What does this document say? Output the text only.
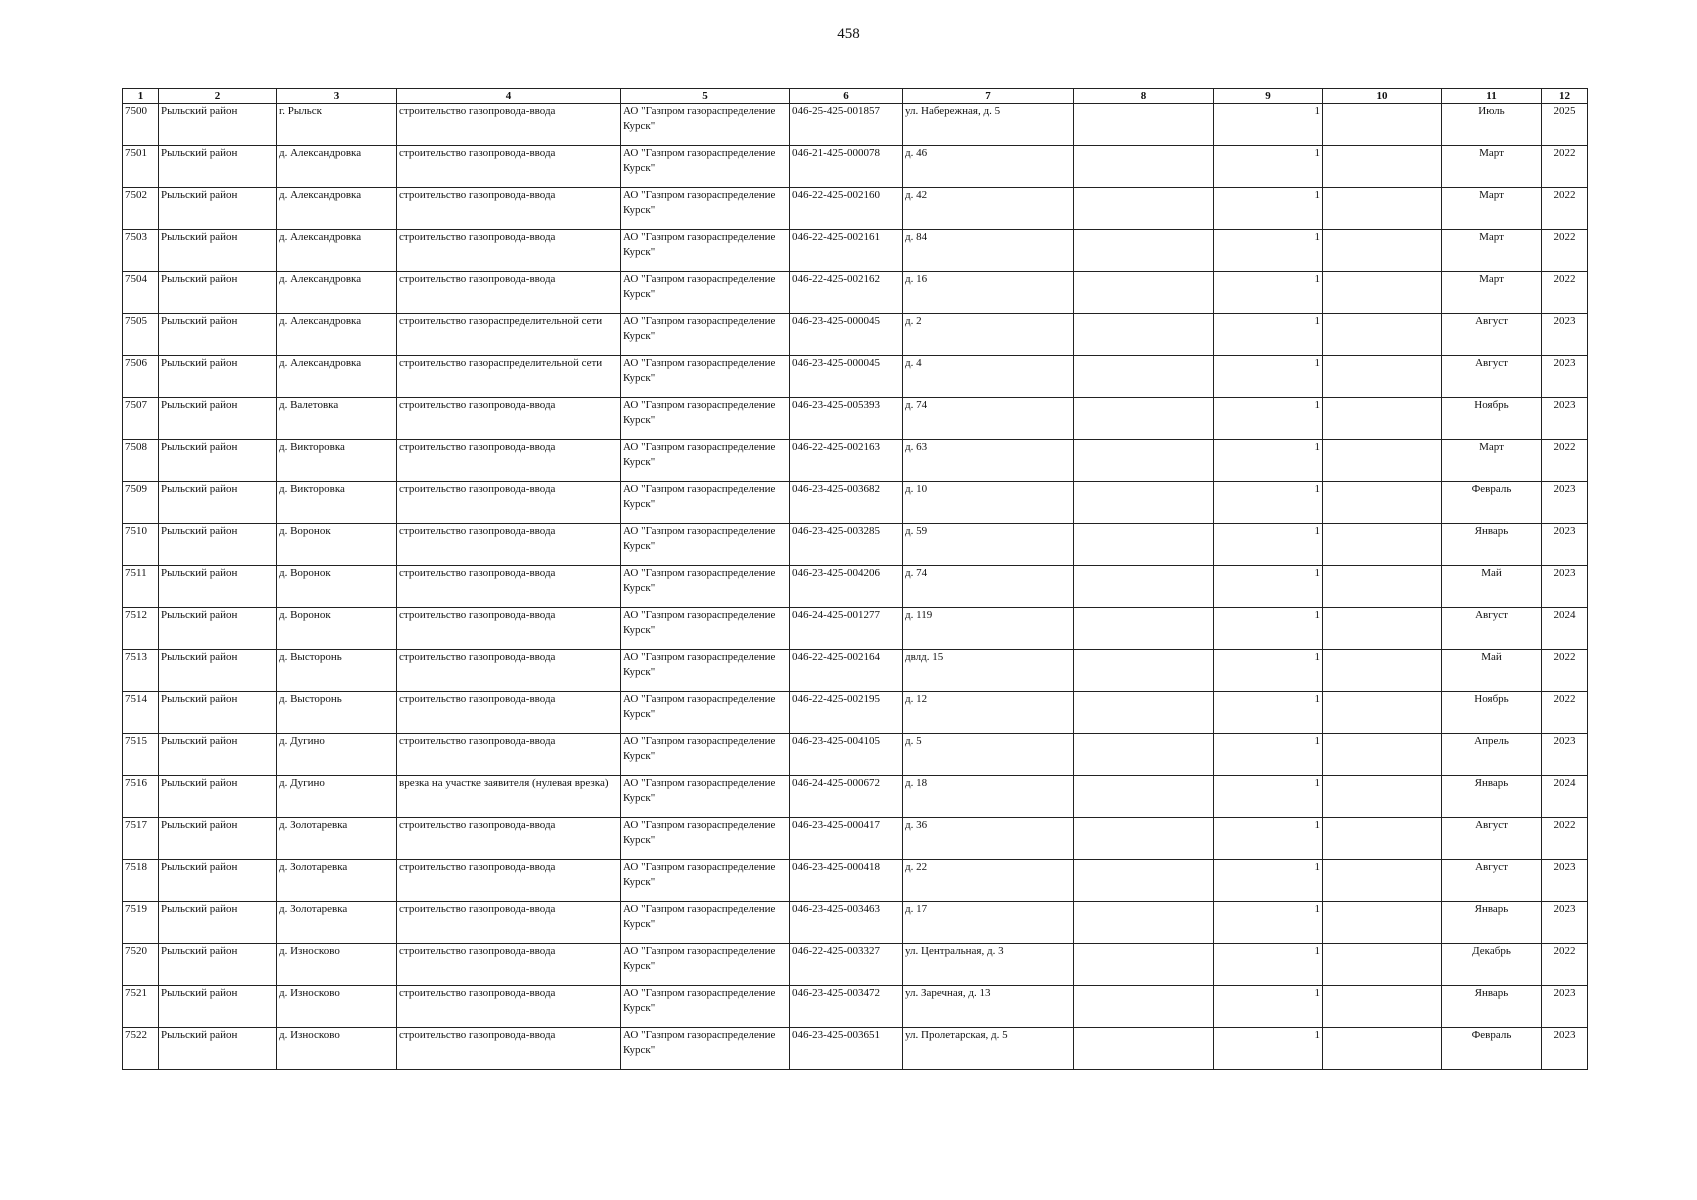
458
1	2	3	4	5	6	7	8	9	10	11	12
7500	Рыльский район	г. Рыльск	строительство газопровода-ввода	АО "Газпром газораспределение Курск"	046-25-425-001857	ул. Набережная, д. 5		1		Июль	2025
7501	Рыльский район	д. Александровка	строительство газопровода-ввода	АО "Газпром газораспределение Курск"	046-21-425-000078	д. 46		1		Март	2022
7502	Рыльский район	д. Александровка	строительство газопровода-ввода	АО "Газпром газораспределение Курск"	046-22-425-002160	д. 42		1		Март	2022
7503	Рыльский район	д. Александровка	строительство газопровода-ввода	АО "Газпром газораспределение Курск"	046-22-425-002161	д. 84		1		Март	2022
7504	Рыльский район	д. Александровка	строительство газопровода-ввода	АО "Газпром газораспределение Курск"	046-22-425-002162	д. 16		1		Март	2022
7505	Рыльский район	д. Александровка	строительство газораспределительной сети	АО "Газпром газораспределение Курск"	046-23-425-000045	д. 2		1		Август	2023
7506	Рыльский район	д. Александровка	строительство газораспределительной сети	АО "Газпром газораспределение Курск"	046-23-425-000045	д. 4		1		Август	2023
7507	Рыльский район	д. Валетовка	строительство газопровода-ввода	АО "Газпром газораспределение Курск"	046-23-425-005393	д. 74		1		Ноябрь	2023
7508	Рыльский район	д. Викторовка	строительство газопровода-ввода	АО "Газпром газораспределение Курск"	046-22-425-002163	д. 63		1		Март	2022
7509	Рыльский район	д. Викторовка	строительство газопровода-ввода	АО "Газпром газораспределение Курск"	046-23-425-003682	д. 10		1		Февраль	2023
7510	Рыльский район	д. Воронок	строительство газопровода-ввода	АО "Газпром газораспределение Курск"	046-23-425-003285	д. 59		1		Январь	2023
7511	Рыльский район	д. Воронок	строительство газопровода-ввода	АО "Газпром газораспределение Курск"	046-23-425-004206	д. 74		1		Май	2023
7512	Рыльский район	д. Воронок	строительство газопровода-ввода	АО "Газпром газораспределение Курск"	046-24-425-001277	д. 119		1		Август	2024
7513	Рыльский район	д. Высторонь	строительство газопровода-ввода	АО "Газпром газораспределение Курск"	046-22-425-002164	двлд. 15		1		Май	2022
7514	Рыльский район	д. Высторонь	строительство газопровода-ввода	АО "Газпром газораспределение Курск"	046-22-425-002195	д. 12		1		Ноябрь	2022
7515	Рыльский район	д. Дугино	строительство газопровода-ввода	АО "Газпром газораспределение Курск"	046-23-425-004105	д. 5		1		Апрель	2023
7516	Рыльский район	д. Дугино	врезка на участке заявителя (нулевая врезка)	АО "Газпром газораспределение Курск"	046-24-425-000672	д. 18		1		Январь	2024
7517	Рыльский район	д. Золотаревка	строительство газопровода-ввода	АО "Газпром газораспределение Курск"	046-23-425-000417	д. 36		1		Август	2022
7518	Рыльский район	д. Золотаревка	строительство газопровода-ввода	АО "Газпром газораспределение Курск"	046-23-425-000418	д. 22		1		Август	2023
7519	Рыльский район	д. Золотаревка	строительство газопровода-ввода	АО "Газпром газораспределение Курск"	046-23-425-003463	д. 17		1		Январь	2023
7520	Рыльский район	д. Износково	строительство газопровода-ввода	АО "Газпром газораспределение Курск"	046-22-425-003327	ул. Центральная, д. 3		1		Декабрь	2022
7521	Рыльский район	д. Износково	строительство газопровода-ввода	АО "Газпром газораспределение Курск"	046-23-425-003472	ул. Заречная, д. 13		1		Январь	2023
7522	Рыльский район	д. Износково	строительство газопровода-ввода	АО "Газпром газораспределение Курск"	046-23-425-003651	ул. Пролетарская, д. 5		1		Февраль	2023
